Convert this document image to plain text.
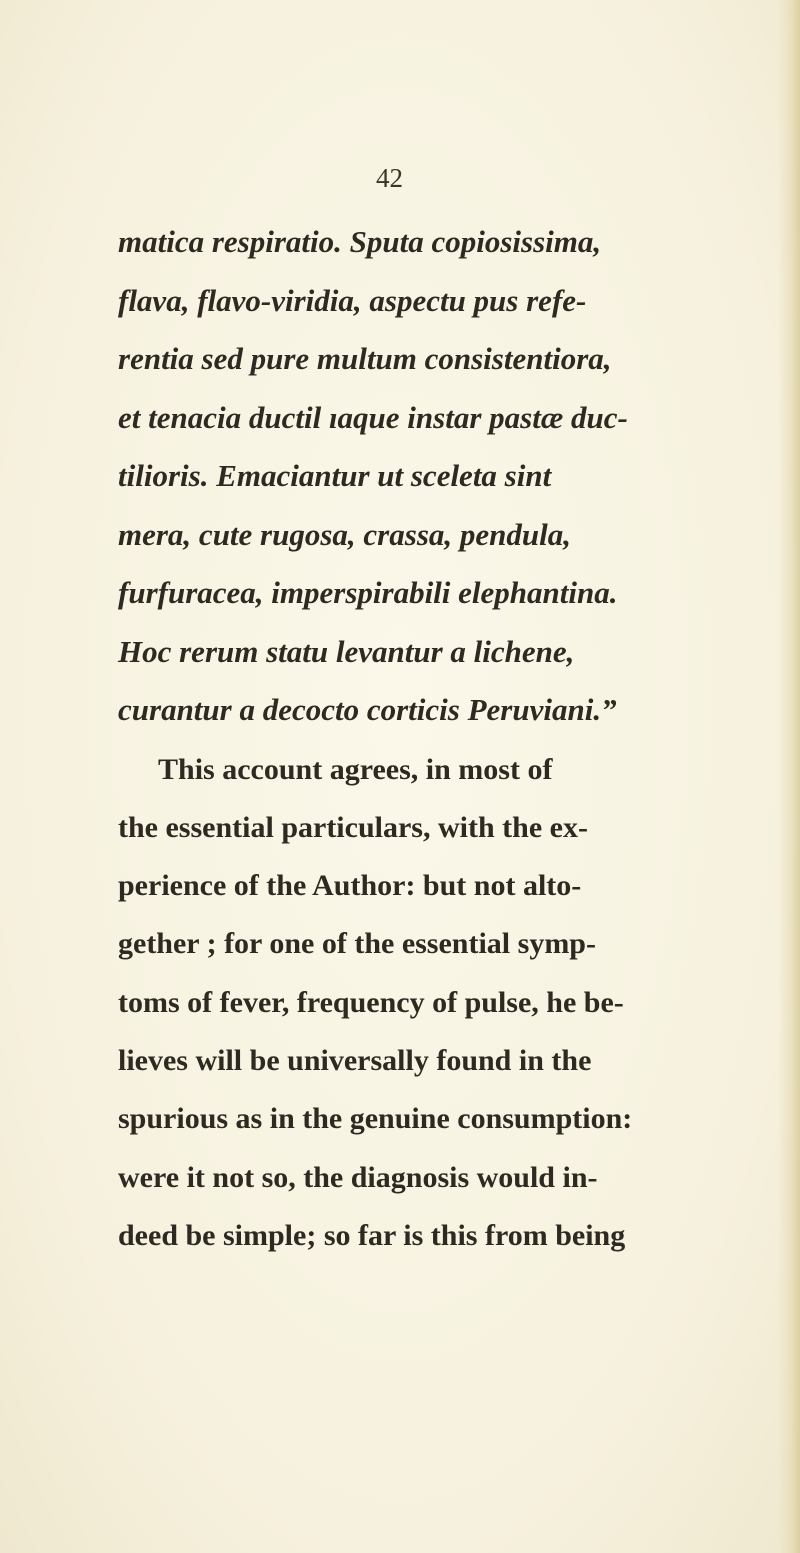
42
matica respiratio. Sputa copiosissima,
flava, flavo-viridia, aspectu pus refe-
rentia sed pure multum consistentiora,
et tenacia ductil ıaque instar pastæ duc-
tilioris. Emaciantur ut sceleta sint
mera, cute rugosa, crassa, pendula,
furfuracea, imperspirabili elephantina.
Hoc rerum statu levantur a lichene,
curantur a decocto corticis Peruviani.”
This account agrees, in most of
the essential particulars, with the ex-
perience of the Author: but not alto-
gether ; for one of the essential symp-
toms of fever, frequency of pulse, he be-
lieves will be universally found in the
spurious as in the genuine consumption:
were it not so, the diagnosis would in-
deed be simple; so far is this from being
